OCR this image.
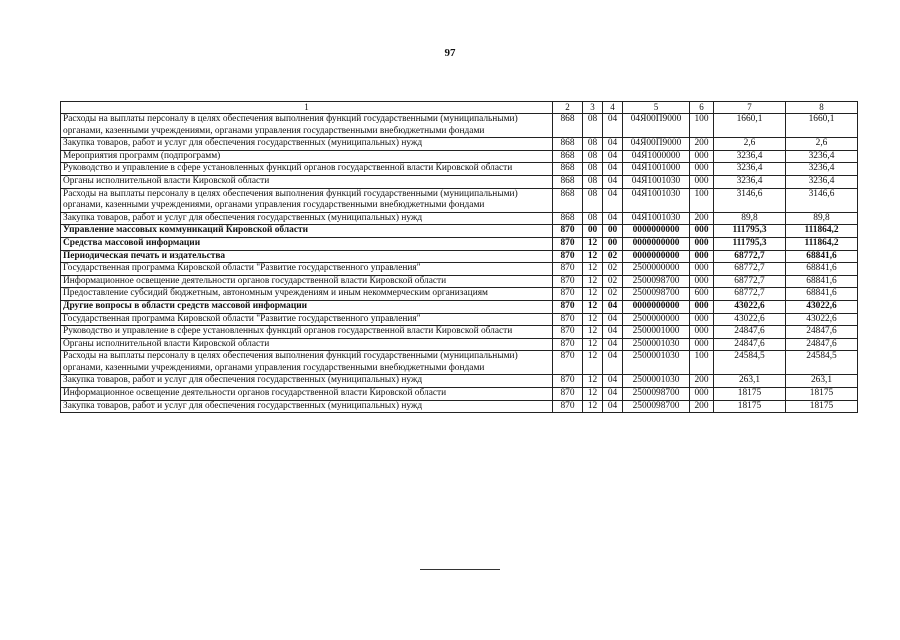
97
1	2	3	4	5	6	7	8
Расходы на выплаты персоналу в целях обеспечения выполнения функций государственными (муниципальными) органами, казенными учреждениями, органами управления государственными внебюджетными фондами	868	08	04	04Я00П9000	100	1660,1	1660,1
Закупка товаров, работ и услуг для обеспечения государственных (муниципальных) нужд	868	08	04	04Я00П9000	200	2,6	2,6
Мероприятия программ (подпрограмм)	868	08	04	04Я1000000	000	3236,4	3236,4
Руководство и управление в сфере установленных функций органов государственной власти Кировской области	868	08	04	04Я1001000	000	3236,4	3236,4
Органы исполнительной власти Кировской области	868	08	04	04Я1001030	000	3236,4	3236,4
Расходы на выплаты персоналу в целях обеспечения выполнения функций государственными (муниципальными) органами, казенными учреждениями, органами управления государственными внебюджетными фондами	868	08	04	04Я1001030	100	3146,6	3146,6
Закупка товаров, работ и услуг для обеспечения государственных (муниципальных) нужд	868	08	04	04Я1001030	200	89,8	89,8
Управление массовых коммуникаций Кировской области	870	00	00	0000000000	000	111795,3	111864,2
Средства массовой информации	870	12	00	0000000000	000	111795,3	111864,2
Периодическая печать и издательства	870	12	02	0000000000	000	68772,7	68841,6
Государственная программа Кировской области "Развитие государственного управления"	870	12	02	2500000000	000	68772,7	68841,6
Информационное освещение деятельности органов государственной власти Кировской области	870	12	02	2500098700	000	68772,7	68841,6
Предоставление субсидий бюджетным, автономным учреждениям и иным некоммерческим организациям	870	12	02	2500098700	600	68772,7	68841,6
Другие вопросы в области средств массовой информации	870	12	04	0000000000	000	43022,6	43022,6
Государственная программа Кировской области "Развитие государственного управления"	870	12	04	2500000000	000	43022,6	43022,6
Руководство и управление в сфере установленных функций органов государственной власти Кировской области	870	12	04	2500001000	000	24847,6	24847,6
Органы исполнительной власти Кировской области	870	12	04	2500001030	000	24847,6	24847,6
Расходы на выплаты персоналу в целях обеспечения выполнения функций государственными (муниципальными) органами, казенными учреждениями, органами управления государственными внебюджетными фондами	870	12	04	2500001030	100	24584,5	24584,5
Закупка товаров, работ и услуг для обеспечения государственных (муниципальных) нужд	870	12	04	2500001030	200	263,1	263,1
Информационное освещение деятельности органов государственной власти Кировской области	870	12	04	2500098700	000	18175	18175
Закупка товаров, работ и услуг для обеспечения государственных (муниципальных) нужд	870	12	04	2500098700	200	18175	18175
